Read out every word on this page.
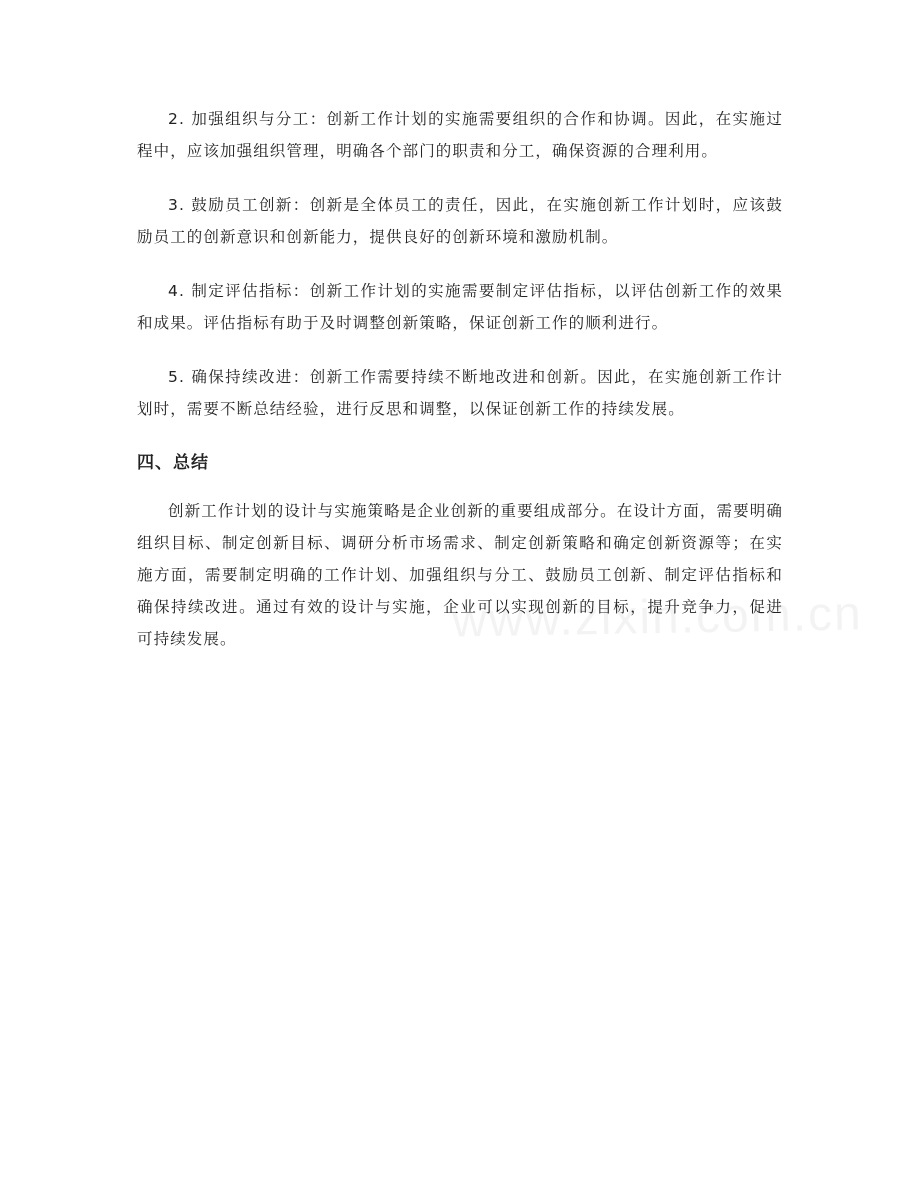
2. 加强组织与分工：创新工作计划的实施需要组织的合作和协调。因此，在实施过程中，应该加强组织管理，明确各个部门的职责和分工，确保资源的合理利用。

3. 鼓励员工创新：创新是全体员工的责任，因此，在实施创新工作计划时，应该鼓励员工的创新意识和创新能力，提供良好的创新环境和激励机制。

4. 制定评估指标：创新工作计划的实施需要制定评估指标，以评估创新工作的效果和成果。评估指标有助于及时调整创新策略，保证创新工作的顺利进行。

5. 确保持续改进：创新工作需要持续不断地改进和创新。因此，在实施创新工作计划时，需要不断总结经验，进行反思和调整，以保证创新工作的持续发展。

四、总结

创新工作计划的设计与实施策略是企业创新的重要组成部分。在设计方面，需要明确组织目标、制定创新目标、调研分析市场需求、制定创新策略和确定创新资源等；在实施方面，需要制定明确的工作计划、加强组织与分工、鼓励员工创新、制定评估指标和确保持续改进。通过有效的设计与实施，企业可以实现创新的目标，提升竞争力，促进可持续发展。
